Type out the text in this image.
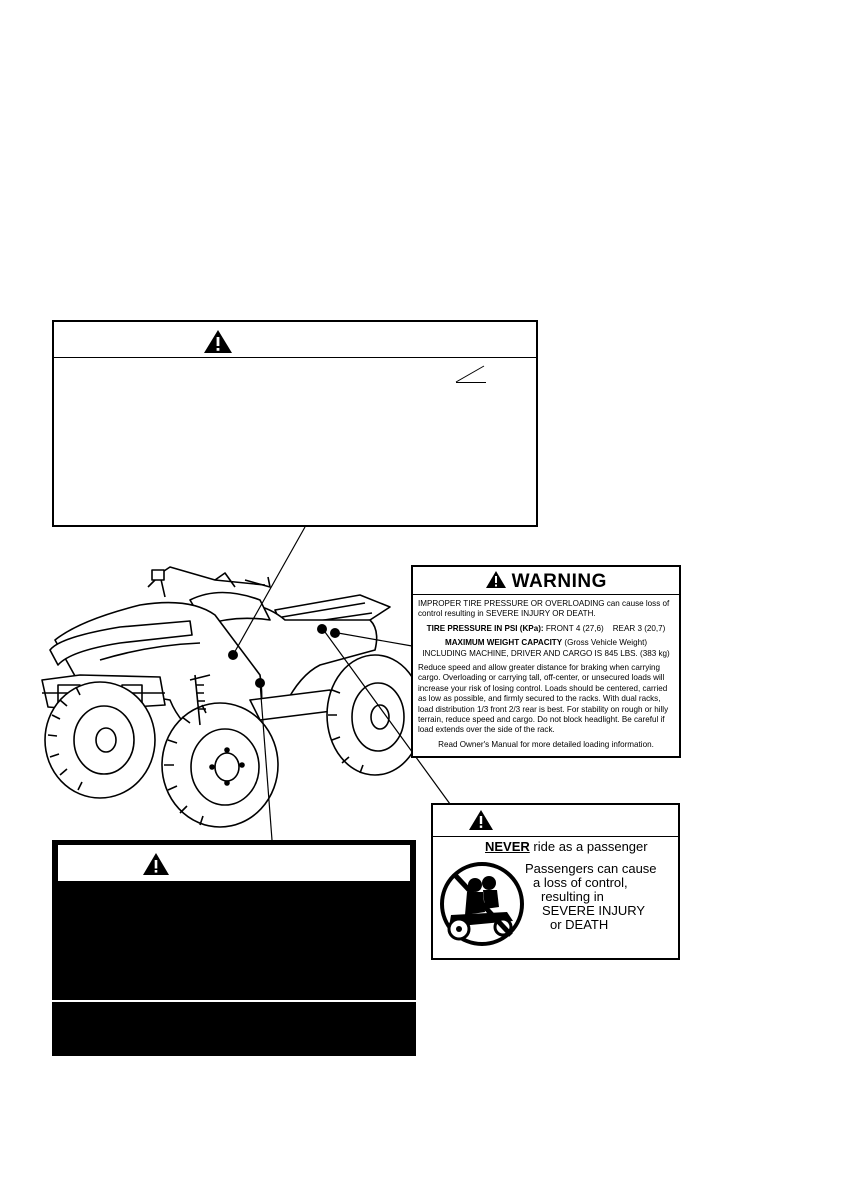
WARNING

IMPROPER TIRE PRESSURE OR OVERLOADING can cause loss of control resulting in SEVERE INJURY OR DEATH.

TIRE PRESSURE IN PSI (KPa): FRONT 4 (27,6)    REAR 3 (20,7)

MAXIMUM WEIGHT CAPACITY (Gross Vehicle Weight)

INCLUDING MACHINE, DRIVER AND CARGO IS 845 LBS. (383 kg)

Reduce speed and allow greater distance for braking when carrying cargo. Overloading or carrying tall, off-center, or unsecured loads will increase your risk of losing control. Loads should be centered, carried as low as possible, and firmly secured to the racks. With dual racks, load distribution 1/3 front 2/3 rear is best. For stability on rough or hilly terrain, reduce speed and cargo. Do not block headlight. Be careful if load extends over the side of the rack.

Read Owner's Manual for more detailed loading information.

NEVER ride as a passenger
Passengers can cause
a loss of control,
resulting in
SEVERE INJURY
or DEATH
